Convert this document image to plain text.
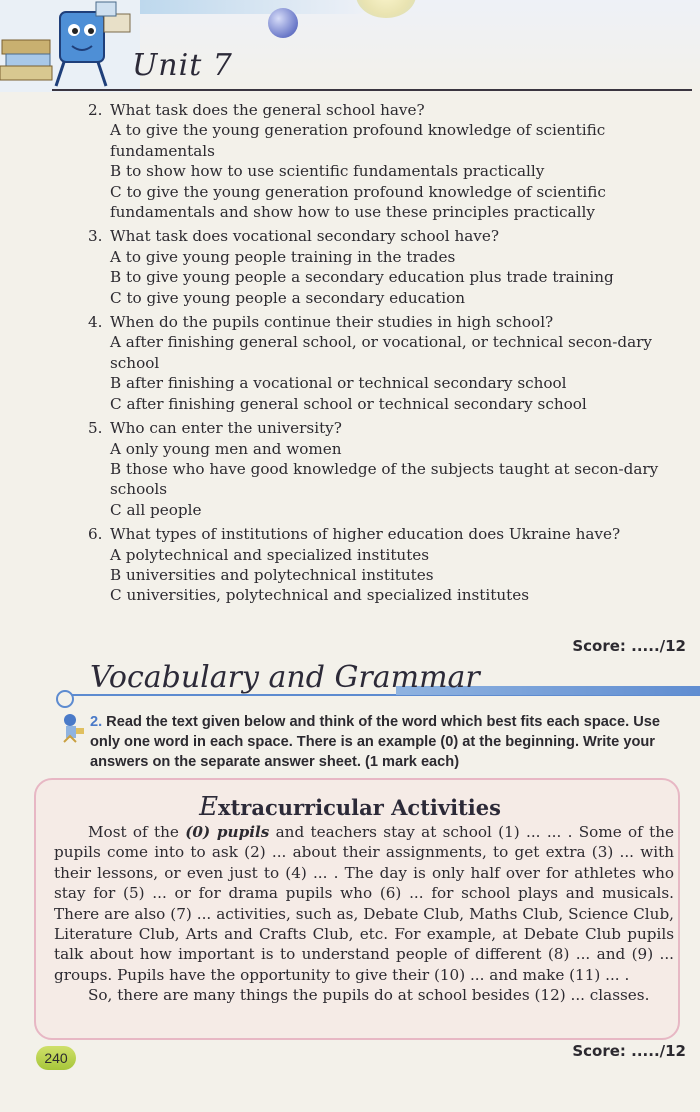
Unit 7
2. What task does the general school have?
A to give the young generation profound knowledge of scientific fundamentals
B to show how to use scientific fundamentals practically
C to give the young generation profound knowledge of scientific fundamentals and show how to use these principles practically
3. What task does vocational secondary school have?
A to give young people training in the trades
B to give young people a secondary education plus trade training
C to give young people a secondary education
4. When do the pupils continue their studies in high school?
A after finishing general school, or vocational, or technical secon-dary school
B after finishing a vocational or technical secondary school
C after finishing general school or technical secondary school
5. Who can enter the university?
A only young men and women
B those who have good knowledge of the subjects taught at secon-dary schools
C all people
6. What types of institutions of higher education does Ukraine have?
A polytechnical and specialized institutes
B universities and polytechnical institutes
C universities, polytechnical and specialized institutes
Score: ...../12
Vocabulary and Grammar
2. Read the text given below and think of the word which best fits each space. Use only one word in each space. There is an example (0) at the beginning. Write your answers on the separate answer sheet. (1 mark each)
Extracurricular Activities

Most of the (0) pupils and teachers stay at school (1) ... ... . Some of the pupils come into to ask (2) ... about their assignments, to get extra (3) ... with their lessons, or even just to (4) ... . The day is only half over for athletes who stay for (5) ... or for drama pupils who (6) ... for school plays and musicals. There are also (7) ... activities, such as, Debate Club, Maths Club, Science Club, Literature Club, Arts and Crafts Club, etc. For example, at Debate Club pupils talk about how important is to understand people of different (8) ... and (9) ... groups. Pupils have the opportunity to give their (10) ... and make (11) ... .

So, there are many things the pupils do at school besides (12) ... classes.

Score: ...../12
240
